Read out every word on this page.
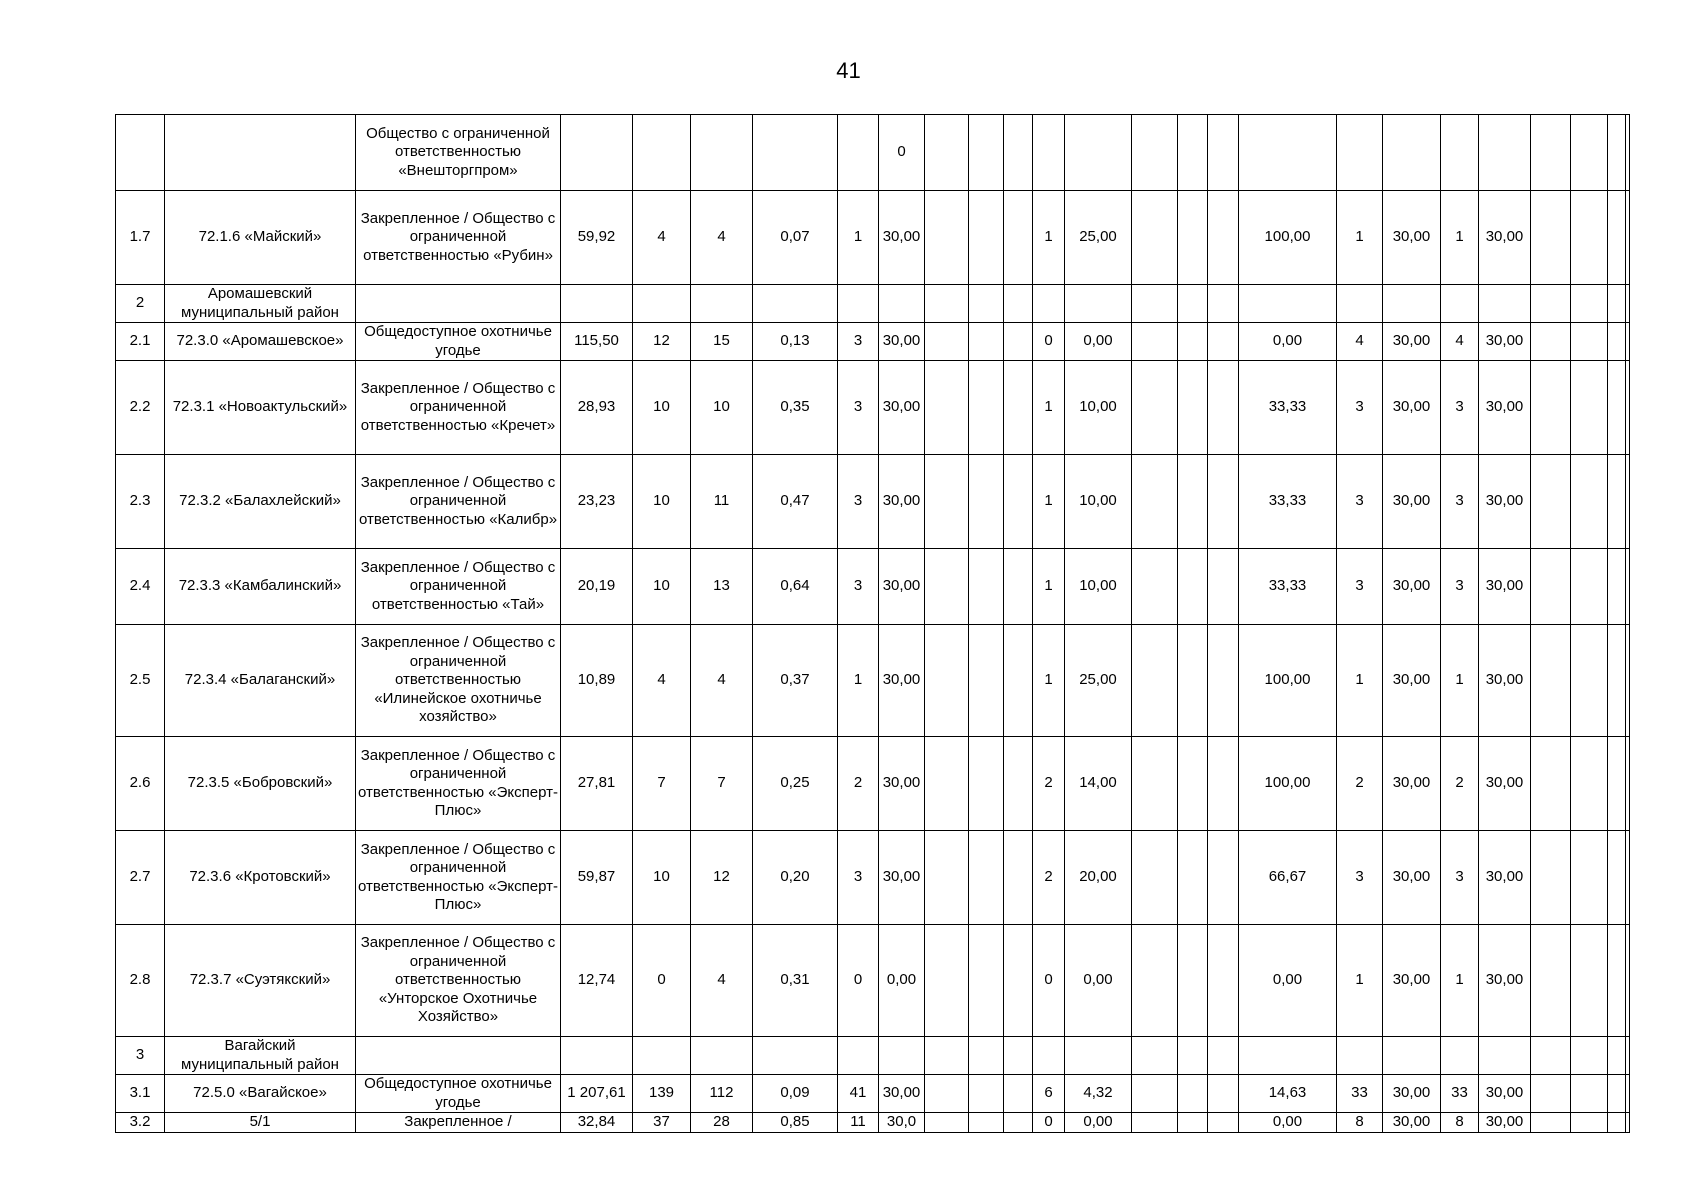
41
		Общество с ограниченной ответственностью «Внешторгпром»						0																	
1.7	72.1.6 «Майский»	Закрепленное / Общество с ограниченной ответственностью «Рубин»	59,92	4	4	0,07	1	30,00				1	25,00				100,00	1	30,00	1	30,00				
2	Аромашевский муниципальный район																								
2.1	72.3.0 «Аромашевское»	Общедоступное охотничье угодье	115,50	12	15	0,13	3	30,00				0	0,00				0,00	4	30,00	4	30,00				
2.2	72.3.1 «Новоактульский»	Закрепленное / Общество с ограниченной ответственностью «Кречет»	28,93	10	10	0,35	3	30,00				1	10,00				33,33	3	30,00	3	30,00				
2.3	72.3.2 «Балахлейский»	Закрепленное / Общество с ограниченной ответственностью «Калибр»	23,23	10	11	0,47	3	30,00				1	10,00				33,33	3	30,00	3	30,00				
2.4	72.3.3 «Камбалинский»	Закрепленное / Общество с ограниченной ответственностью «Тай»	20,19	10	13	0,64	3	30,00				1	10,00				33,33	3	30,00	3	30,00				
2.5	72.3.4 «Балаганский»	Закрепленное / Общество с ограниченной ответственностью «Илинейское охотничье хозяйство»	10,89	4	4	0,37	1	30,00				1	25,00				100,00	1	30,00	1	30,00				
2.6	72.3.5 «Бобровский»	Закрепленное / Общество с ограниченной ответственностью «Эксперт-Плюс»	27,81	7	7	0,25	2	30,00				2	14,00				100,00	2	30,00	2	30,00				
2.7	72.3.6 «Кротовский»	Закрепленное / Общество с ограниченной ответственностью «Эксперт-Плюс»	59,87	10	12	0,20	3	30,00				2	20,00				66,67	3	30,00	3	30,00				
2.8	72.3.7 «Суэтякский»	Закрепленное / Общество с ограниченной ответственностью «Унторское Охотничье Хозяйство»	12,74	0	4	0,31	0	0,00				0	0,00				0,00	1	30,00	1	30,00				
3	Вагайский муниципальный район																								
3.1	72.5.0 «Вагайское»	Общедоступное охотничье угодье	1 207,61	139	112	0,09	41	30,00				6	4,32				14,63	33	30,00	33	30,00				
3.2	5/1	Закрепленное /	32,84	37	28	0,85	11	30,0				0	0,00				0,00	8	30,00	8	30,00				
